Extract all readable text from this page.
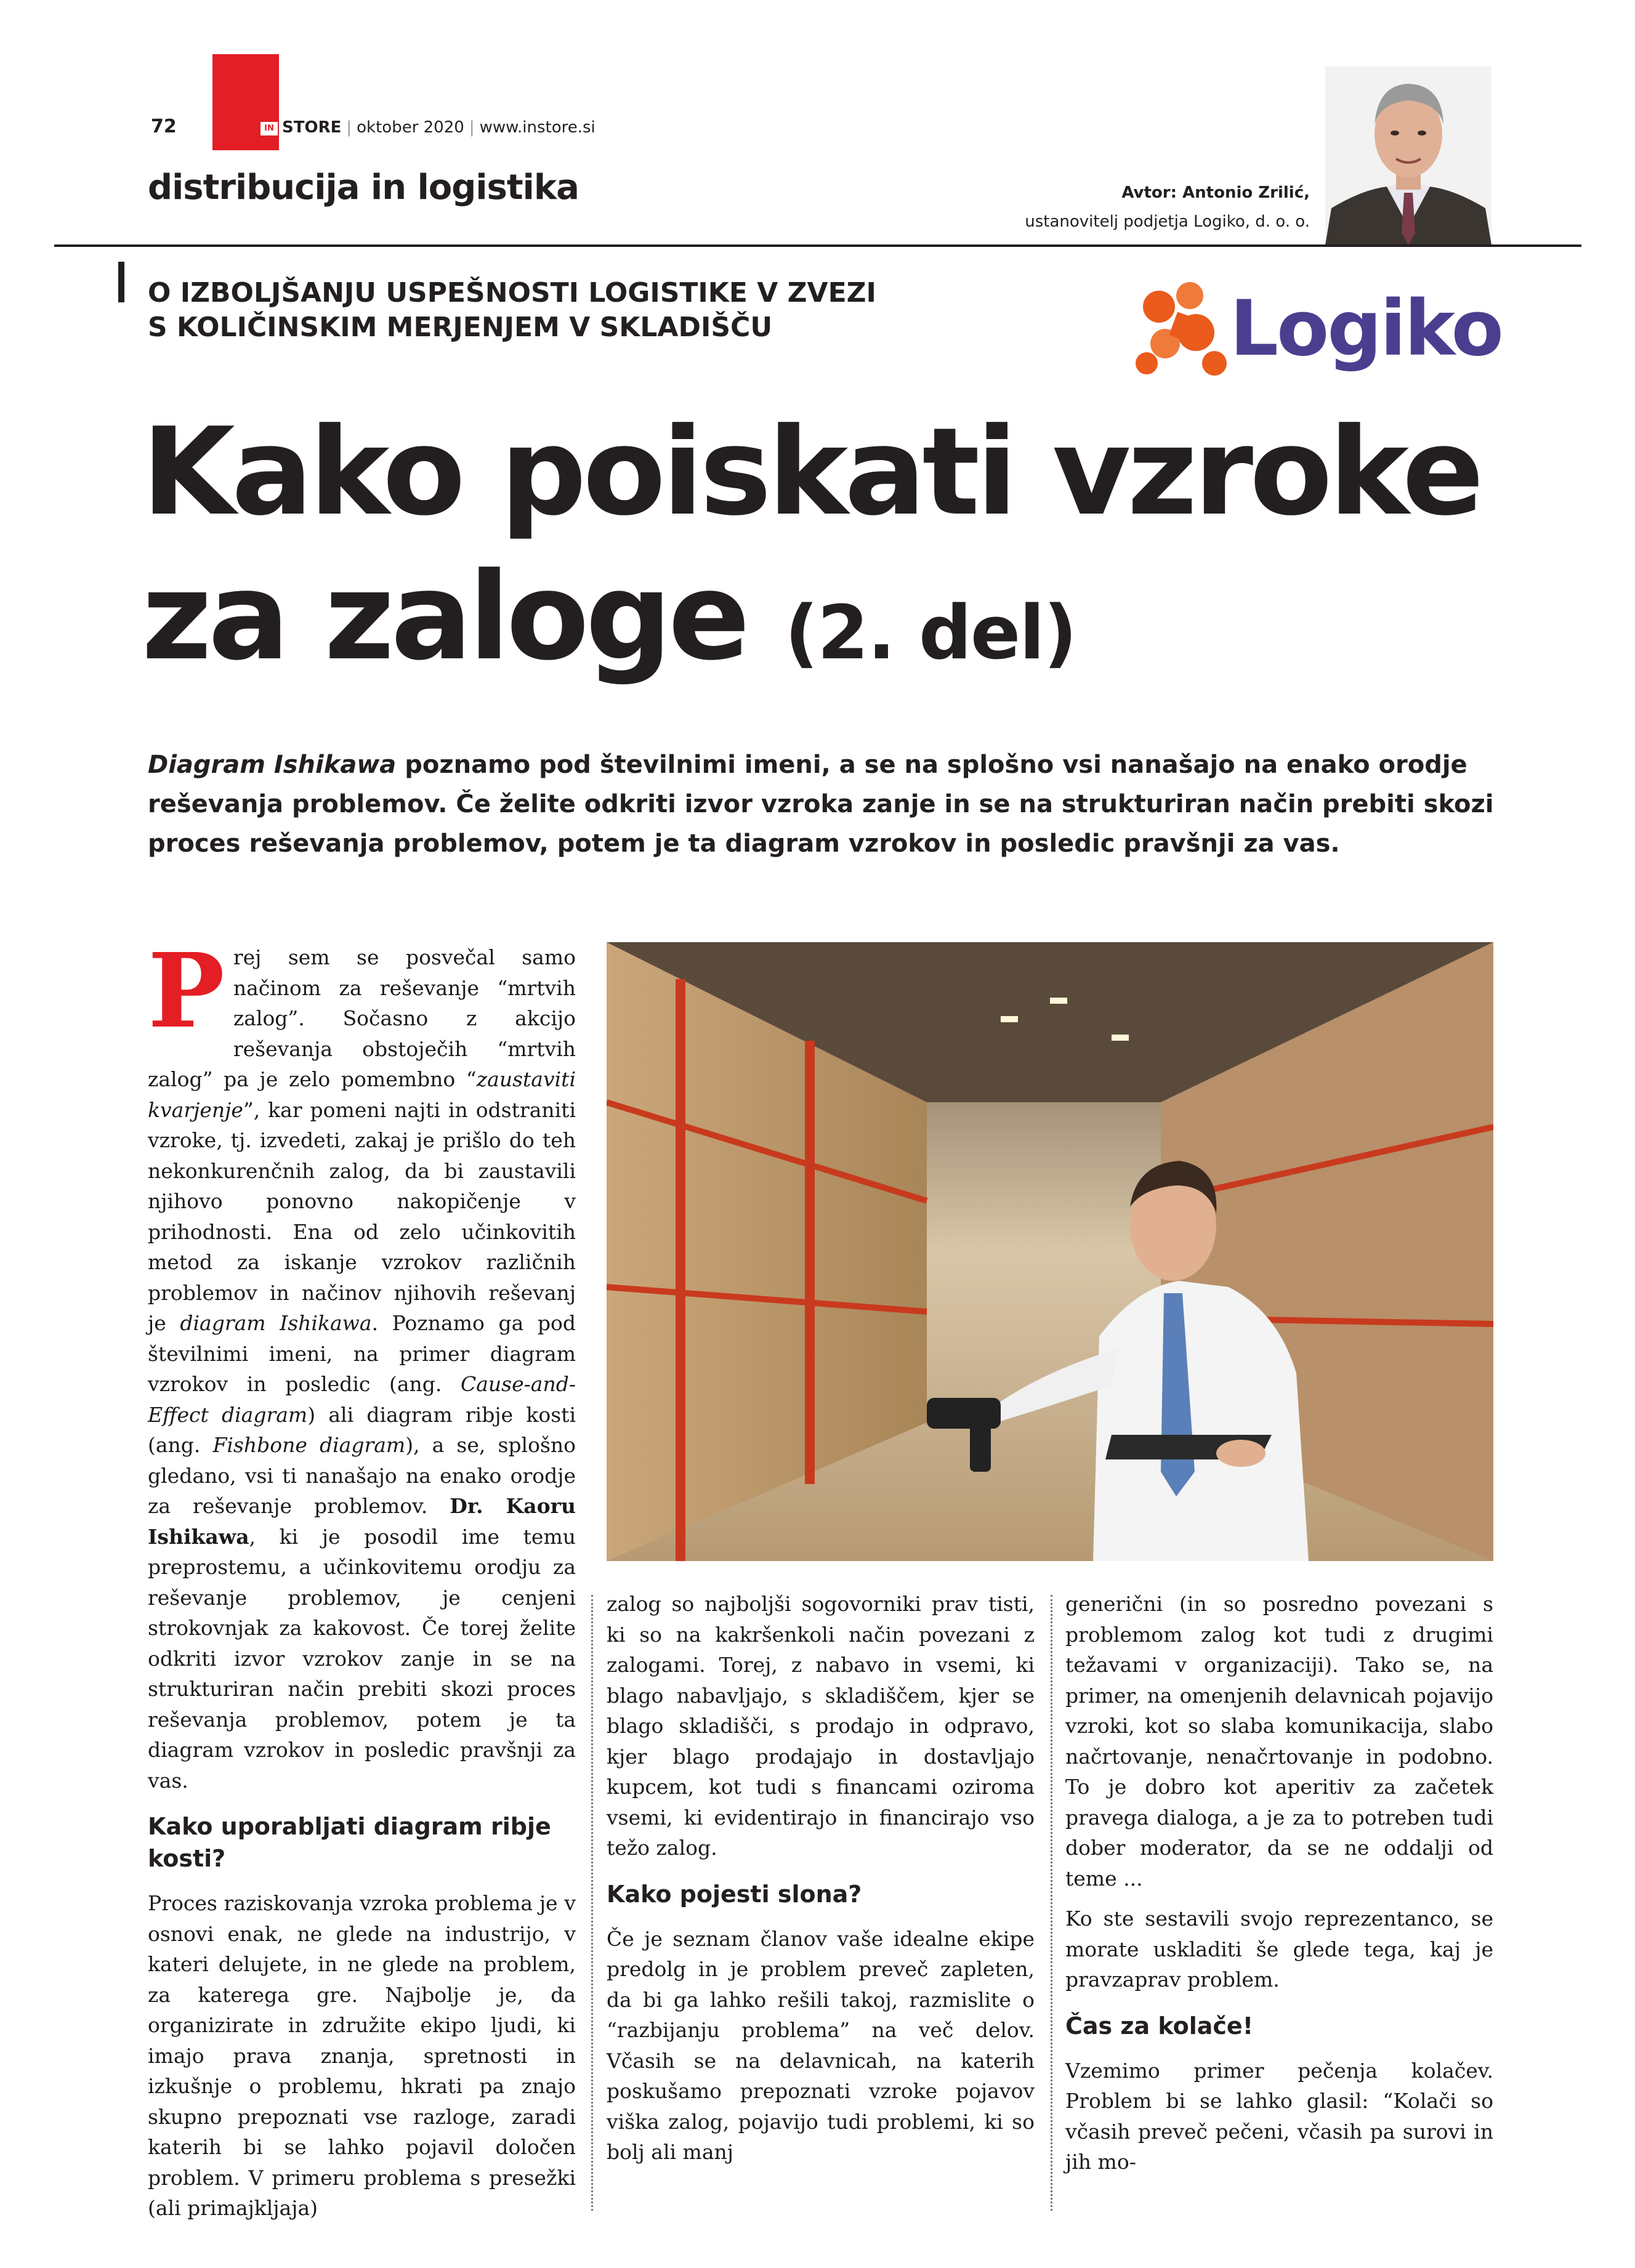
IN
72	STORE | oktober 2020 | www.instore.si
distribucija in logistika	Avtor: Antonio Zrilić,
ustanovitelj podjetja Logiko, d. o. o.
O IZBOLJŠANJU USPEŠNOSTI LOGISTIKE V ZVEZI
S KOLIČINSKIM MERJENJEM V SKLADIŠČU	Logiko
Kako poiskati vzroke
za zaloge (2. del)
Diagram Ishikawa poznamo pod številnimi imeni, a se na splošno vsi nanašajo na enako orodje reševanja problemov. Če želite odkriti izvor vzroka zanje in se na strukturiran način prebiti skozi proces reševanja problemov, potem je ta diagram vzrokov in posledic pravšnji za vas.

Prej sem se posvečal samo načinom za reševanje “mrtvih zalog”. Sočasno z akcijo reševanja obstoječih “mrtvih zalog” pa je zelo pomembno “zaustaviti kvarjenje”, kar pomeni najti in odstraniti vzroke, tj. izvedeti, zakaj je prišlo do teh nekonkurenčnih zalog, da bi zaustavili njihovo ponovno nakopičenje v prihodnosti. Ena od zelo učinkovitih metod za iskanje vzrokov različnih problemov in načinov njihovih reševanj je diagram Ishikawa. Poznamo ga pod številnimi imeni, na primer diagram vzrokov in posledic (ang. Cause-and-Effect diagram) ali diagram ribje kosti (ang. Fishbone diagram), a se, splošno gledano, vsi ti nanašajo na enako orodje za reševanje problemov. Dr. Kaoru Ishikawa, ki je posodil ime temu preprostemu, a učinkovitemu orodju za reševanje problemov, je cenjeni strokovnjak za kakovost. Če torej želite odkriti izvor vzrokov zanje in se na strukturiran način prebiti skozi proces reševanja problemov, potem je ta diagram vzrokov in posledic pravšnji za vas.

Kako uporabljati diagram ribje kosti?

Proces raziskovanja vzroka problema je v osnovi enak, ne glede na industrijo, v kateri delujete, in ne glede na problem, za katerega gre. Najbolje je, da organizirate in združite ekipo ljudi, ki imajo prava znanja, spretnosti in izkušnje o problemu, hkrati pa znajo skupno prepoznati vse razloge, zaradi katerih bi se lahko pojavil določen problem. V primeru problema s presežki (ali primajkljaja)

zalog so najboljši sogovorniki prav tisti, ki so na kakršenkoli način povezani z zalogami. Torej, z nabavo in vsemi, ki blago nabavljajo, s skladiščem, kjer se blago skladišči, s prodajo in odpravo, kjer blago prodajajo in dostavljajo kupcem, kot tudi s financami oziroma vsemi, ki evidentirajo in financirajo vso težo zalog.

Kako pojesti slona?

Če je seznam članov vaše idealne ekipe predolg in je problem preveč zapleten, da bi ga lahko rešili takoj, razmislite o “razbijanju problema” na več delov. Včasih se na delavnicah, na katerih poskušamo prepoznati vzroke pojavov viška zalog, pojavijo tudi problemi, ki so bolj ali manj

generični (in so posredno povezani s problemom zalog kot tudi z drugimi težavami v organizaciji). Tako se, na primer, na omenjenih delavnicah pojavijo vzroki, kot so slaba komunikacija, slabo načrtovanje, nenačrtovanje in podobno. To je dobro kot aperitiv za začetek pravega dialoga, a je za to potreben tudi dober moderator, da se ne oddalji od teme ...

Ko ste sestavili svojo reprezentanco, se morate uskladiti še glede tega, kaj je pravzaprav problem.

Čas za kolače!

Vzemimo primer pečenja kolačev. Problem bi se lahko glasil: “Kolači so včasih preveč pečeni, včasih pa surovi in jih mo-
